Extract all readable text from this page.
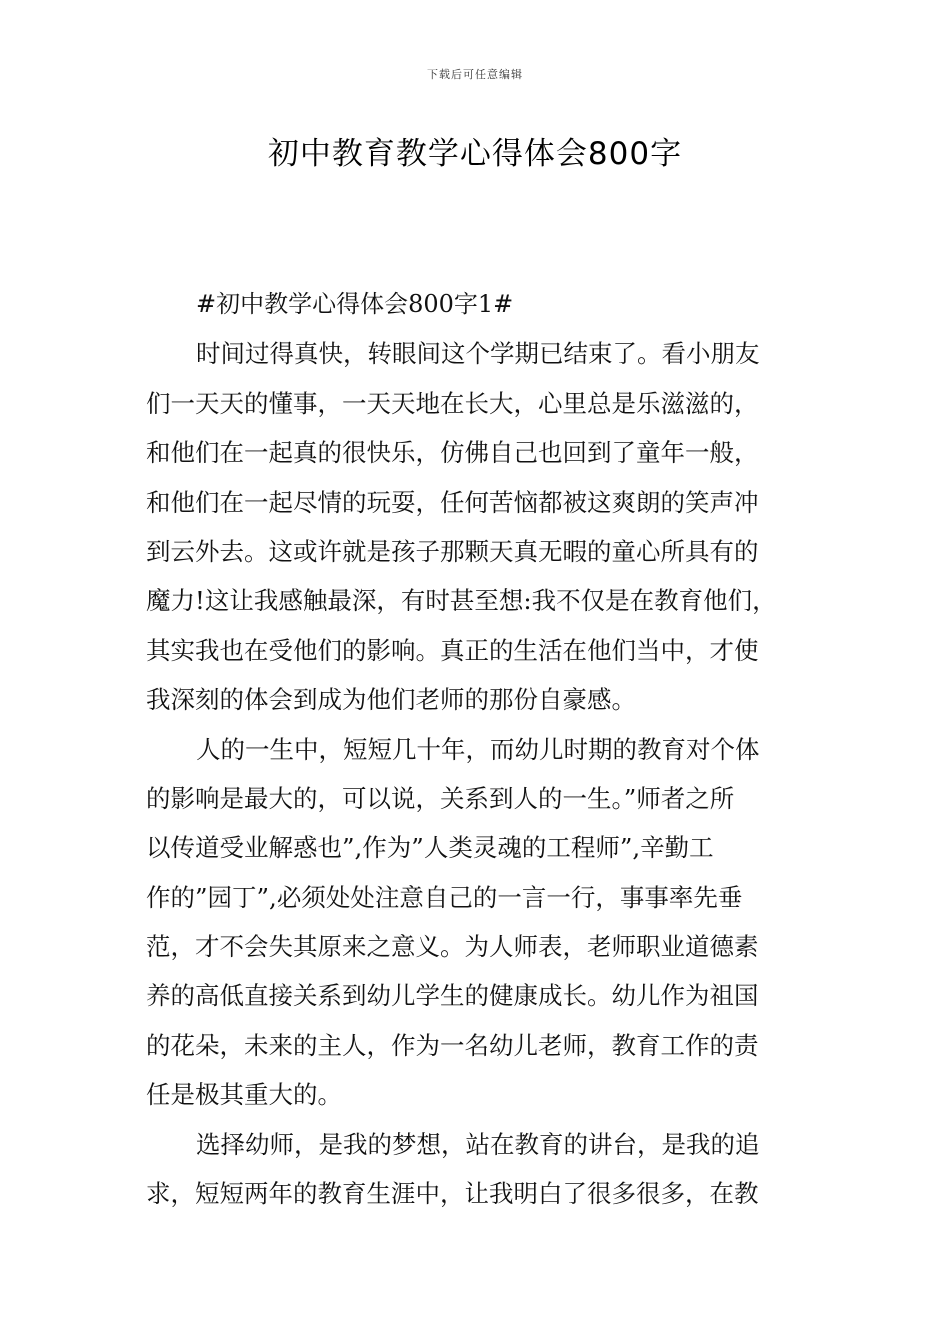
下载后可任意编辑
初中教育教学心得体会800字

#初中教学心得体会800字1#

时间过得真快，转眼间这个学期已结束了。看小朋友
们一天天的懂事，一天天地在长大，心里总是乐滋滋的，
和他们在一起真的很快乐，仿佛自己也回到了童年一般，
和他们在一起尽情的玩耍，任何苦恼都被这爽朗的笑声冲
到云外去。这或许就是孩子那颗天真无暇的童心所具有的
魔力!这让我感触最深，有时甚至想:我不仅是在教育他们，
其实我也在受他们的影响。真正的生活在他们当中，才使
我深刻的体会到成为他们老师的那份自豪感。

人的一生中，短短几十年，而幼儿时期的教育对个体
的影响是最大的，可以说，关系到人的一生。”师者之所
以传道受业解惑也”,作为”人类灵魂的工程师”,辛勤工
作的”园丁”,必须处处注意自己的一言一行，事事率先垂
范，才不会失其原来之意义。为人师表，老师职业道德素
养的高低直接关系到幼儿学生的健康成长。幼儿作为祖国
的花朵，未来的主人，作为一名幼儿老师，教育工作的责
任是极其重大的。

选择幼师，是我的梦想，站在教育的讲台，是我的追
求，短短两年的教育生涯中，让我明白了很多很多，在教
